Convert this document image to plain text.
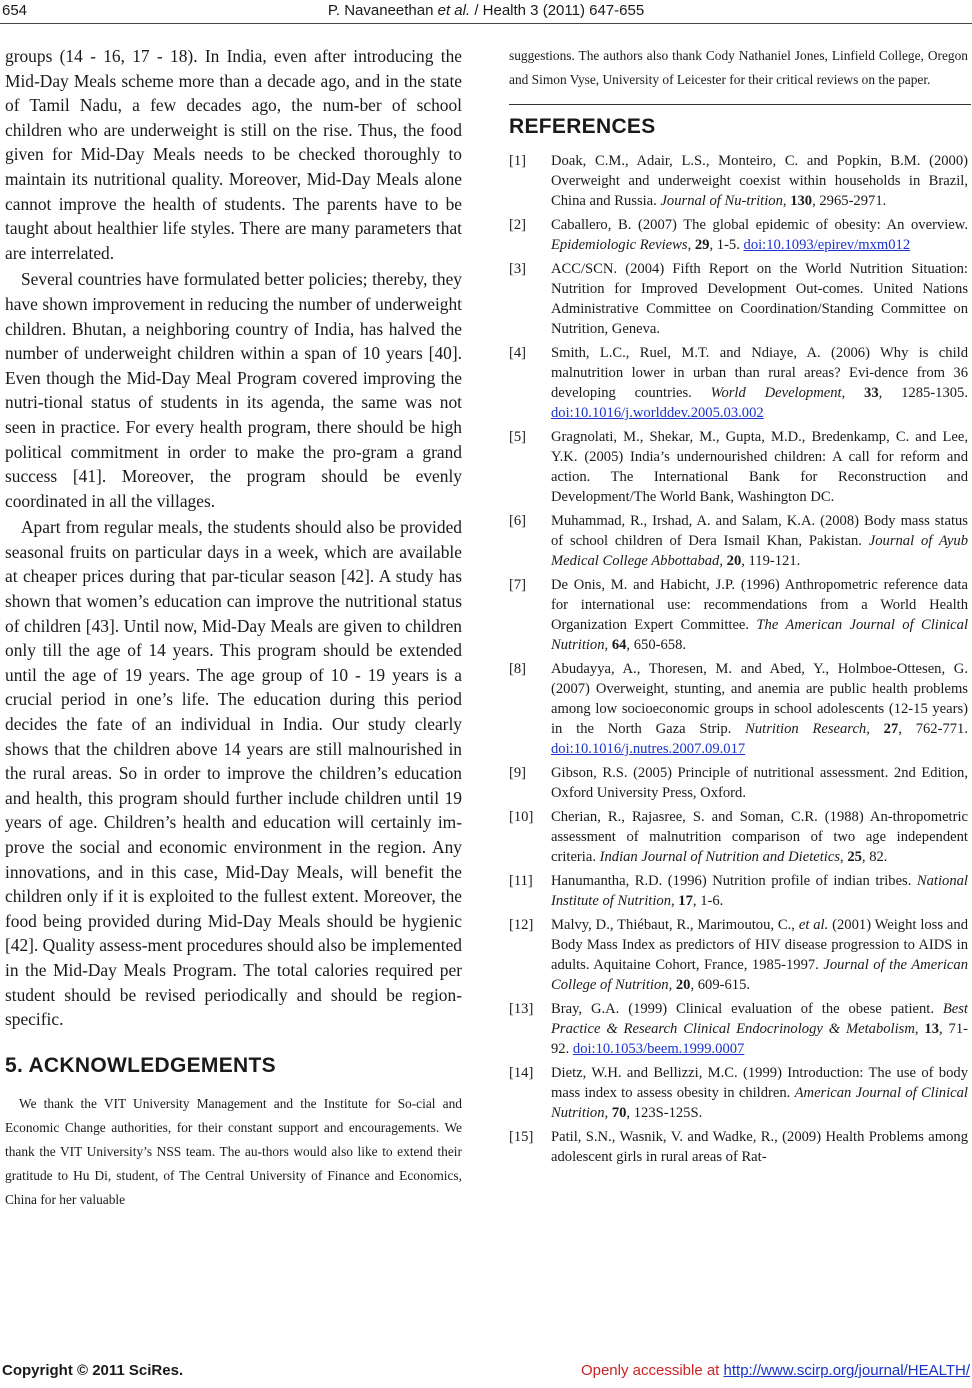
654	P. Navaneethan et al. / Health 3 (2011) 647-655

groups (14 - 16, 17 - 18). In India, even after introducing the Mid-Day Meals scheme more than a decade ago, and in the state of Tamil Nadu, a few decades ago, the num-ber of school children who are underweight is still on the rise. Thus, the food given for Mid-Day Meals needs to be checked thoroughly to maintain its nutritional quality. Moreover, Mid-Day Meals alone cannot improve the health of students. The parents have to be taught about healthier life styles. There are many parameters that are interrelated.

Several countries have formulated better policies; thereby, they have shown improvement in reducing the number of underweight children. Bhutan, a neighboring country of India, has halved the number of underweight children within a span of 10 years [40]. Even though the Mid-Day Meal Program covered improving the nutri-tional status of students in its agenda, the same was not seen in practice. For every health program, there should be high political commitment in order to make the pro-gram a grand success [41]. Moreover, the program should be evenly coordinated in all the villages.

Apart from regular meals, the students should also be provided seasonal fruits on particular days in a week, which are available at cheaper prices during that par-ticular season [42]. A study has shown that women’s education can improve the nutritional status of children [43]. Until now, Mid-Day Meals are given to children only till the age of 14 years. This program should be extended until the age of 19 years. The age group of 10 - 19 years is a crucial period in one’s life. The education during this period decides the fate of an individual in India. Our study clearly shows that the children above 14 years are still malnourished in the rural areas. So in order to improve the children’s education and health, this program should further include children until 19 years of age. Children’s health and education will certainly im-prove the social and economic environment in the region. Any innovations, and in this case, Mid-Day Meals, will benefit the children only if it is exploited to the fullest extent. Moreover, the food being provided during Mid-Day Meals should be hygienic [42]. Quality assess-ment procedures should also be implemented in the Mid-Day Meals Program. The total calories required per student should be revised periodically and should be region-specific.

5. ACKNOWLEDGEMENTS

We thank the VIT University Management and the Institute for So-cial and Economic Change authorities, for their constant support and encouragements. We thank the VIT University’s NSS team. The au-thors would also like to extend their gratitude to Hu Di, student, of The Central University of Finance and Economics, China for her valuable

suggestions. The authors also thank Cody Nathaniel Jones, Linfield College, Oregon and Simon Vyse, University of Leicester for their critical reviews on the paper.

REFERENCES
[1] Doak, C.M., Adair, L.S., Monteiro, C. and Popkin, B.M. (2000) Overweight and underweight coexist within households in Brazil, China and Russia. Journal of Nu-trition, 130, 2965-2971.
[2] Caballero, B. (2007) The global epidemic of obesity: An overview. Epidemiologic Reviews, 29, 1-5. doi:10.1093/epirev/mxm012
[3] ACC/SCN. (2004) Fifth Report on the World Nutrition Situation: Nutrition for Improved Development Out-comes. United Nations Administrative Committee on Coordination/Standing Committee on Nutrition, Geneva.
[4] Smith, L.C., Ruel, M.T. and Ndiaye, A. (2006) Why is child malnutrition lower in urban than rural areas? Evi-dence from 36 developing countries. World Development, 33, 1285-1305. doi:10.1016/j.worlddev.2005.03.002
[5] Gragnolati, M., Shekar, M., Gupta, M.D., Bredenkamp, C. and Lee, Y.K. (2005) India’s undernourished children: A call for reform and action. The International Bank for Reconstruction and Development/The World Bank, Washington DC.
[6] Muhammad, R., Irshad, A. and Salam, K.A. (2008) Body mass status of school children of Dera Ismail Khan, Pakistan. Journal of Ayub Medical College Abbottabad, 20, 119-121.
[7] De Onis, M. and Habicht, J.P. (1996) Anthropometric reference data for international use: recommendations from a World Health Organization Expert Committee. The American Journal of Clinical Nutrition, 64, 650-658.
[8] Abudayya, A., Thoresen, M. and Abed, Y., Holmboe-Ottesen, G. (2007) Overweight, stunting, and anemia are public health problems among low socioeconomic groups in school adolescents (12-15 years) in the North Gaza Strip. Nutrition Research, 27, 762-771. doi:10.1016/j.nutres.2007.09.017
[9] Gibson, R.S. (2005) Principle of nutritional assessment. 2nd Edition, Oxford University Press, Oxford.
[10] Cherian, R., Rajasree, S. and Soman, C.R. (1988) An-thropometric assessment of malnutrition comparison of two age independent criteria. Indian Journal of Nutrition and Dietetics, 25, 82.
[11] Hanumantha, R.D. (1996) Nutrition profile of indian tribes. National Institute of Nutrition, 17, 1-6.
[12] Malvy, D., Thiébaut, R., Marimoutou, C., et al. (2001) Weight loss and Body Mass Index as predictors of HIV disease progression to AIDS in adults. Aquitaine Cohort, France, 1985-1997. Journal of the American College of Nutrition, 20, 609-615.
[13] Bray, G.A. (1999) Clinical evaluation of the obese patient. Best Practice & Research Clinical Endocrinology & Metabolism, 13, 71-92. doi:10.1053/beem.1999.0007
[14] Dietz, W.H. and Bellizzi, M.C. (1999) Introduction: The use of body mass index to assess obesity in children. American Journal of Clinical Nutrition, 70, 123S-125S.
[15] Patil, S.N., Wasnik, V. and Wadke, R., (2009) Health Problems among adolescent girls in rural areas of Rat-
Copyright © 2011 SciRes.	Openly accessible at http://www.scirp.org/journal/HEALTH/
